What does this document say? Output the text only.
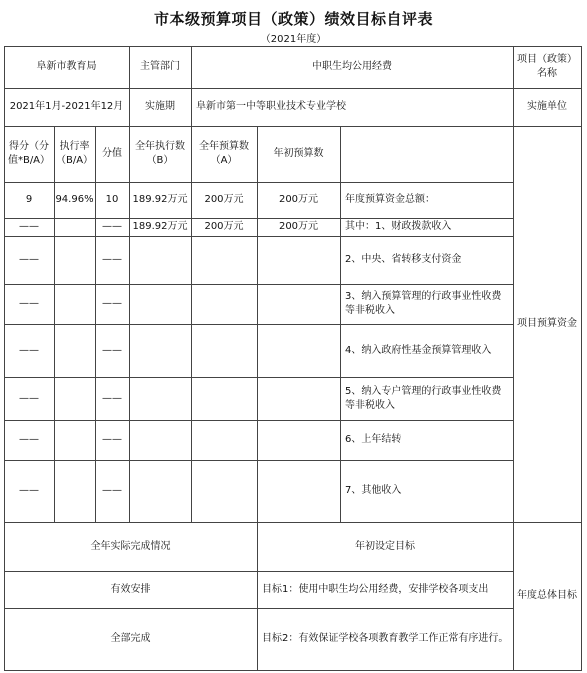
市本级预算项目（政策）绩效目标自评表
（2021年度）
项目（政策）名称
中职生均公用经费
主管部门
阜新市教育局
实施单位
阜新市第一中等职业技术专业学校
实施期
2021年1月-2021年12月
项目预算资金
年初预算数
全年预算数（A）
全年执行数（B）
分值
得分（分值*B/A）
执行率（B/A）
年度预算资金总额：
200万元
200万元
189.92万元
10
94.96%
9
其中：1、财政拨款收入
200万元
200万元
189.92万元
——
——
2、中央、省转移支付资金
——
——
3、纳入预算管理的行政事业性收费等非税收入
——
——
4、纳入政府性基金预算管理收入
——
——
5、纳入专户管理的行政事业性收费等非税收入
——
——
6、上年结转
——
——
7、其他收入
——
——
年度总体目标
年初设定目标
全年实际完成情况
目标1：使用中职生均公用经费，安排学校各项支出
有效安排
目标2：有效保证学校各项教育教学工作正常有序进行。
全部完成
